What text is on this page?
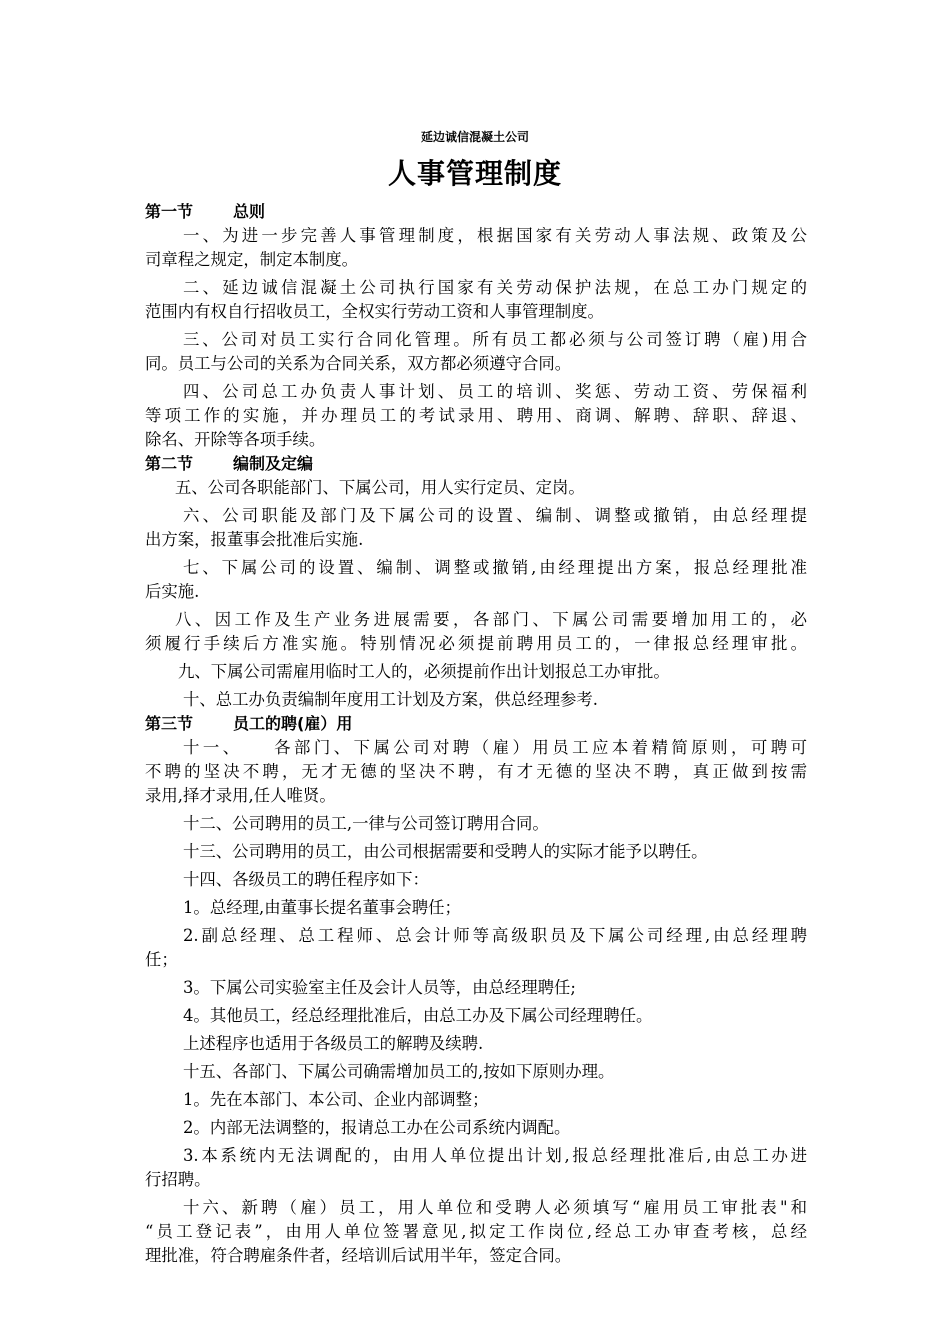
延边诚信混凝土公司
人事管理制度
第一节	总则
一、为进一步完善人事管理制度，根据国家有关劳动人事法规、政策及公
司章程之规定，制定本制度。
二、延边诚信混凝土公司执行国家有关劳动保护法规，在总工办门规定的
范围内有权自行招收员工，全权实行劳动工资和人事管理制度。
三、公司对员工实行合同化管理。所有员工都必须与公司签订聘（雇)用合
同。员工与公司的关系为合同关系，双方都必须遵守合同。
四、公司总工办负责人事计划、员工的培训、奖惩、劳动工资、劳保福利
等项工作的实施，并办理员工的考试录用、聘用、商调、解聘、辞职、辞退、
除名、开除等各项手续。
第二节	编制及定编
五、公司各职能部门、下属公司，用人实行定员、定岗。
六、公司职能及部门及下属公司的设置、编制、调整或撤销，由总经理提
出方案，报董事会批准后实施.
七、下属公司的设置、编制、调整或撤销,由经理提出方案，报总经理批准
后实施.
八、因工作及生产业务进展需要，各部门、下属公司需要增加用工的，必
须履行手续后方准实施。特别情况必须提前聘用员工的，一律报总经理审批。
九、下属公司需雇用临时工人的，必须提前作出计划报总工办审批。
十、总工办负责编制年度用工计划及方案，供总经理参考.
第三节	员工的聘(雇）用
十一、　　各部门、下属公司对聘（雇）用员工应本着精简原则，可聘可
不聘的坚决不聘，无才无德的坚决不聘，有才无德的坚决不聘，真正做到按需
录用,择才录用,任人唯贤。
十二、公司聘用的员工,一律与公司签订聘用合同。
十三、公司聘用的员工，由公司根据需要和受聘人的实际才能予以聘任。
十四、各级员工的聘任程序如下：
1。总经理,由董事长提名董事会聘任；
2.副总经理、总工程师、总会计师等高级职员及下属公司经理,由总经理聘
任；
3。下属公司实验室主任及会计人员等，由总经理聘任;
4。其他员工，经总经理批准后，由总工办及下属公司经理聘任。
上述程序也适用于各级员工的解聘及续聘.
十五、各部门、下属公司确需增加员工的,按如下原则办理。
1。先在本部门、本公司、企业内部调整；
2。内部无法调整的，报请总工办在公司系统内调配。
3.本系统内无法调配的，由用人单位提出计划,报总经理批准后,由总工办进
行招聘。
十六、新聘（雇）员工，用人单位和受聘人必须填写“雇用员工审批表"和
“员工登记表”，由用人单位签署意见,拟定工作岗位,经总工办审查考核，总经
理批准，符合聘雇条件者，经培训后试用半年，签定合同。
